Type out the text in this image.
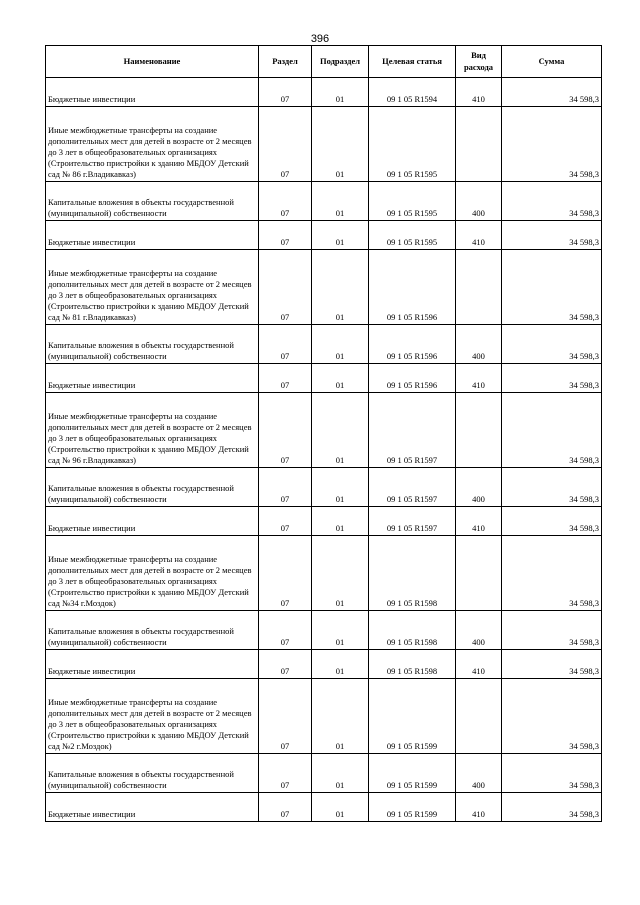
396
Наименование	Раздел	Подраздел	Целевая статья	Вид расхода	Сумма
Бюджетные инвестиции	07	01	09 1 05 R1594	410	34 598,3
Иные межбюджетные трансферты на создание дополнительных мест для детей в возрасте от 2 месяцев до 3 лет в общеобразовательных организациях (Строительство пристройки к зданию МБДОУ Детский сад № 86 г.Владикавказ)	07	01	09 1 05 R1595		34 598,3
Капитальные вложения в объекты государственной (муниципальной) собственности	07	01	09 1 05 R1595	400	34 598,3
Бюджетные инвестиции	07	01	09 1 05 R1595	410	34 598,3
Иные межбюджетные трансферты на создание дополнительных мест для детей в возрасте от 2 месяцев до 3 лет в общеобразовательных организациях (Строительство пристройки к зданию МБДОУ Детский сад № 81 г.Владикавказ)	07	01	09 1 05 R1596		34 598,3
Капитальные вложения в объекты государственной (муниципальной) собственности	07	01	09 1 05 R1596	400	34 598,3
Бюджетные инвестиции	07	01	09 1 05 R1596	410	34 598,3
Иные межбюджетные трансферты на создание дополнительных мест для детей в возрасте от 2 месяцев до 3 лет в общеобразовательных организациях (Строительство пристройки к зданию МБДОУ Детский сад № 96 г.Владикавказ)	07	01	09 1 05 R1597		34 598,3
Капитальные вложения в объекты государственной (муниципальной) собственности	07	01	09 1 05 R1597	400	34 598,3
Бюджетные инвестиции	07	01	09 1 05 R1597	410	34 598,3
Иные межбюджетные трансферты на создание дополнительных мест для детей в возрасте от 2 месяцев до 3 лет в общеобразовательных организациях (Строительство пристройки к зданию МБДОУ Детский сад №34 г.Моздок)	07	01	09 1 05 R1598		34 598,3
Капитальные вложения в объекты государственной (муниципальной) собственности	07	01	09 1 05 R1598	400	34 598,3
Бюджетные инвестиции	07	01	09 1 05 R1598	410	34 598,3
Иные межбюджетные трансферты на создание дополнительных мест для детей в возрасте от 2 месяцев до 3 лет в общеобразовательных организациях (Строительство пристройки к зданию МБДОУ Детский сад №2 г.Моздок)	07	01	09 1 05 R1599		34 598,3
Капитальные вложения в объекты государственной (муниципальной) собственности	07	01	09 1 05 R1599	400	34 598,3
Бюджетные инвестиции	07	01	09 1 05 R1599	410	34 598,3
